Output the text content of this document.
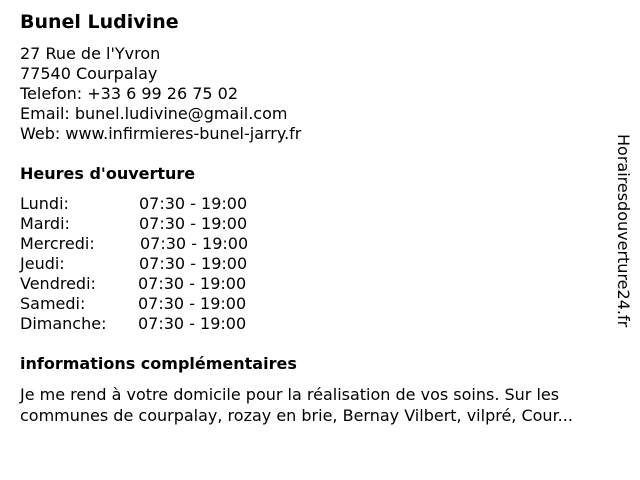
Bunel Ludivine
27 Rue de l'Yvron
77540 Courpalay
Telefon: +33 6 99 26 75 02
Email: bunel.ludivine@gmail.com
Web: www.infirmieres-bunel-jarry.fr
Heures d'ouverture
Lundi:	07:30 - 19:00
Mardi:	07:30 - 19:00
Mercredi:	07:30 - 19:00
Jeudi:	07:30 - 19:00
Vendredi:	07:30 - 19:00
Samedi:	07:30 - 19:00
Dimanche: 07:30 - 19:00
informations complémentaires
Je me rend à votre domicile pour la réalisation de vos soins. Sur les
communes de courpalay, rozay en brie, Bernay Vilbert, vilpré, Cour...
Horairesdouverture24.fr
